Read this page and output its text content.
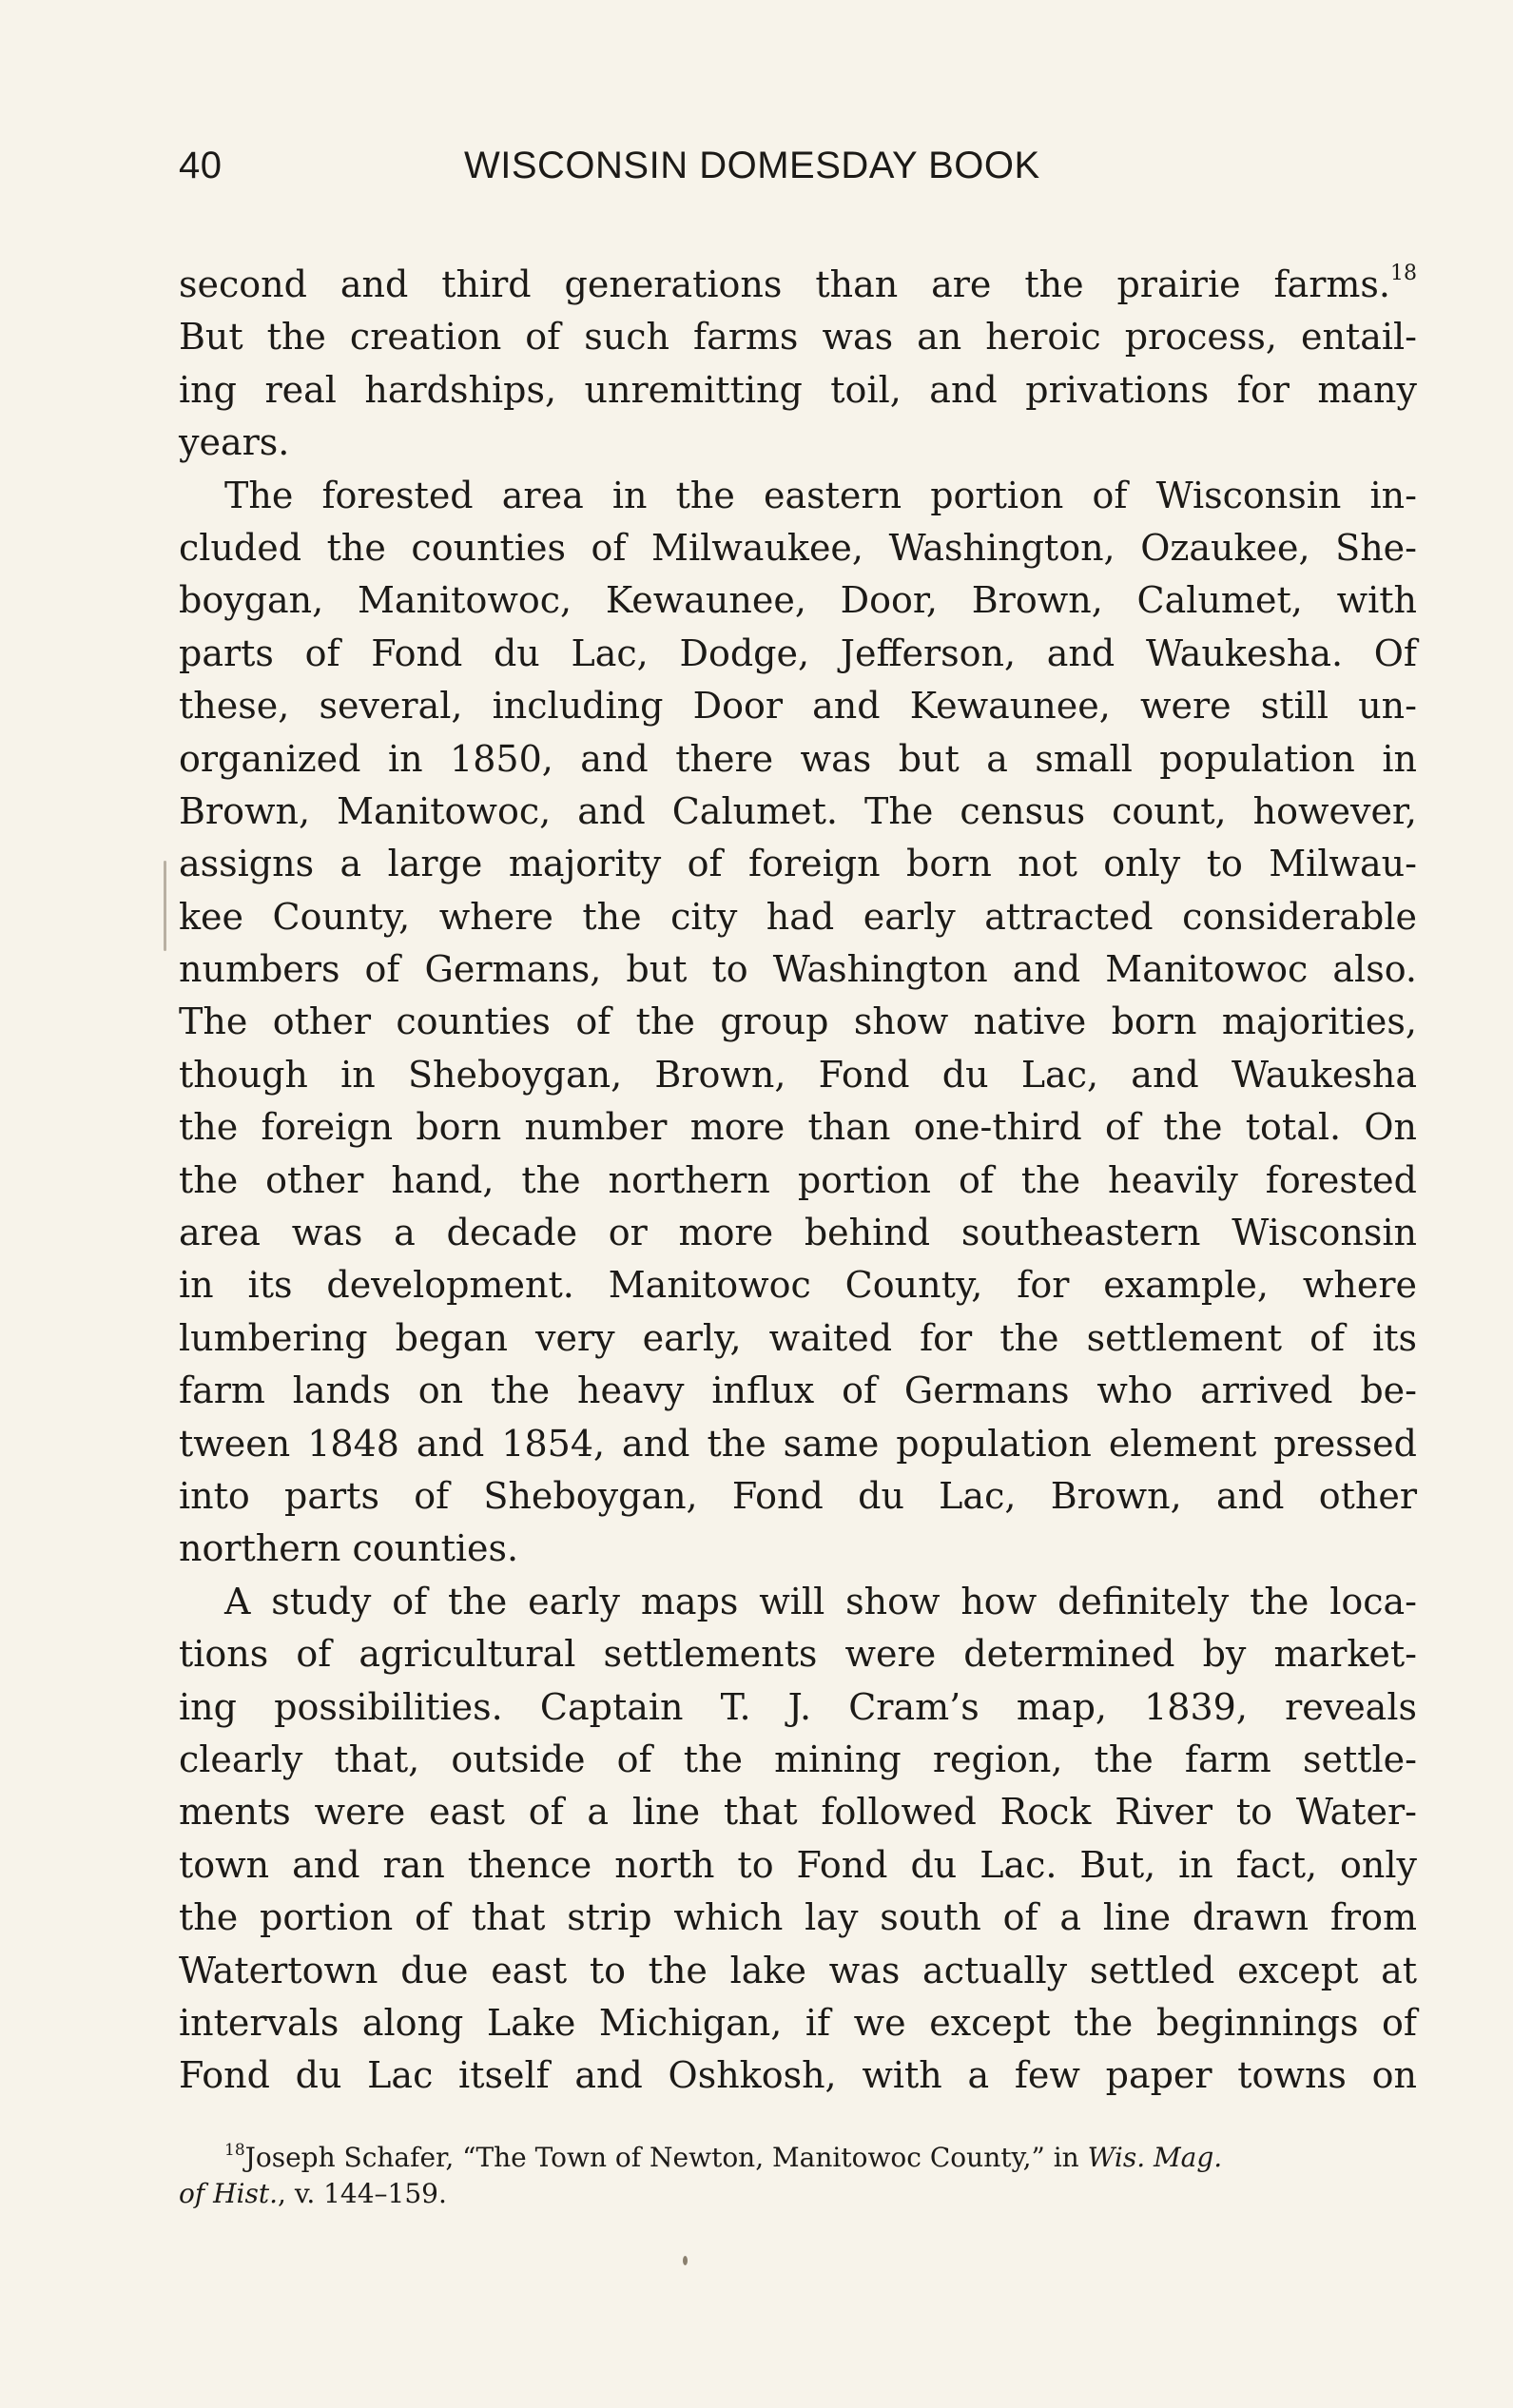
40	WISCONSIN DOMESDAY BOOK
second and third generations than are the prairie farms.$^{18}$
But the creation of such farms was an heroic process, entail-
ing real hardships, unremitting toil, and privations for many
years.
The forested area in the eastern portion of Wisconsin in-
cluded the counties of Milwaukee, Washington, Ozaukee, She-
boygan, Manitowoc, Kewaunee, Door, Brown, Calumet, with
parts of Fond du Lac, Dodge, Jefferson, and Waukesha. Of
these, several, including Door and Kewaunee, were still un-
organized in 1850, and there was but a small population in
Brown, Manitowoc, and Calumet. The census count, however,
assigns a large majority of foreign born not only to Milwau-
kee County, where the city had early attracted considerable
numbers of Germans, but to Washington and Manitowoc also.
The other counties of the group show native born majorities,
though in Sheboygan, Brown, Fond du Lac, and Waukesha
the foreign born number more than one-third of the total. On
the other hand, the northern portion of the heavily forested
area was a decade or more behind southeastern Wisconsin
in its development. Manitowoc County, for example, where
lumbering began very early, waited for the settlement of its
farm lands on the heavy influx of Germans who arrived be-
tween 1848 and 1854, and the same population element pressed
into parts of Sheboygan, Fond du Lac, Brown, and other
northern counties.
A study of the early maps will show how definitely the loca-
tions of agricultural settlements were determined by market-
ing possibilities. Captain T. J. Cram’s map, 1839, reveals
clearly that, outside of the mining region, the farm settle-
ments were east of a line that followed Rock River to Water-
town and ran thence north to Fond du Lac. But, in fact, only
the portion of that strip which lay south of a line drawn from
Watertown due east to the lake was actually settled except at
intervals along Lake Michigan, if we except the beginnings of
Fond du Lac itself and Oshkosh, with a few paper towns on
$^{18}$Joseph Schafer, “The Town of Newton, Manitowoc County,” in Wis. Mag.
of Hist., v. 144–159.
